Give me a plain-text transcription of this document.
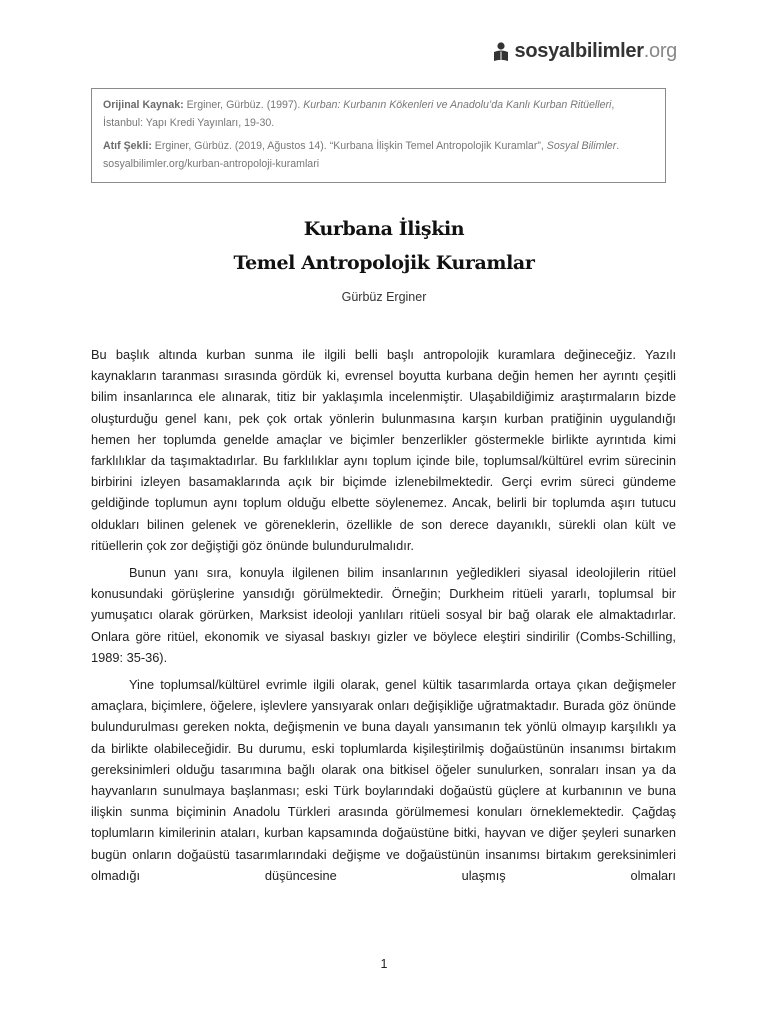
sosyalbilimler .org

Orijinal Kaynak: Erginer, Gürbüz. (1997). Kurban: Kurbanın Kökenleri ve Anadolu’da Kanlı Kurban Ritüelleri, İstanbul: Yapı Kredi Yayınları, 19-30.

Atıf Şekli: Erginer, Gürbüz. (2019, Ağustos 14). “Kurbana İlişkin Temel Antropolojik Kuramlar”, Sosyal Bilimler. sosyalbilimler.org/kurban-antropoloji-kuramlari

Kurbana İlişkin
Temel Antropolojik Kuramlar
Gürbüz Erginer

Bu başlık altında kurban sunma ile ilgili belli başlı antropolojik kuramlara değineceğiz. Yazılı kaynakların taranması sırasında gördük ki, evrensel boyutta kurbana değin hemen her ayrıntı çeşitli bilim insanlarınca ele alınarak, titiz bir yaklaşımla incelenmiştir. Ulaşabildiğimiz araştırmaların bizde oluşturduğu genel kanı, pek çok ortak yönlerin bulunmasına karşın kurban pratiğinin uygulandığı hemen her toplumda genelde amaçlar ve biçimler benzerlikler göstermekle birlikte ayrıntıda kimi farklılıklar da taşımaktadırlar. Bu farklılıklar aynı toplum içinde bile, toplumsal/kültürel evrim sürecinin birbirini izleyen basamaklarında açık bir biçimde izlenebilmektedir. Gerçi evrim süreci gündeme geldiğinde toplumun aynı toplum olduğu elbette söylenemez. Ancak, belirli bir toplumda aşırı tutucu oldukları bilinen gelenek ve göreneklerin, özellikle de son derece dayanıklı, sürekli olan kült ve ritüellerin çok zor değiştiği göz önünde bulundurulmalıdır.

Bunun yanı sıra, konuyla ilgilenen bilim insanlarının yeğledikleri siyasal ideolojilerin ritüel konusundaki görüşlerine yansıdığı görülmektedir. Örneğin; Durkheim ritüeli yararlı, toplumsal bir yumuşatıcı olarak görürken, Marksist ideoloji yanlıları ritüeli sosyal bir bağ olarak ele almaktadırlar. Onlara göre ritüel, ekonomik ve siyasal baskıyı gizler ve böylece eleştiri sindirilir (Combs-Schilling, 1989: 35-36).

Yine toplumsal/kültürel evrimle ilgili olarak, genel kültik tasarımlarda ortaya çıkan değişmeler amaçlara, biçimlere, öğelere, işlevlere yansıyarak onları değişikliğe uğratmaktadır. Burada göz önünde bulundurulması gereken nokta, değişmenin ve buna dayalı yansımanın tek yönlü olmayıp karşılıklı ya da birlikte olabileceğidir. Bu durumu, eski toplumlarda kişileştirilmiş doğaüstünün insanımsı birtakım gereksinimleri olduğu tasarımına bağlı olarak ona bitkisel öğeler sunulurken, sonraları insan ya da hayvanların sunulmaya başlanması; eski Türk boylarındaki doğaüstü güçlere at kurbanının ve buna ilişkin sunma biçiminin Anadolu Türkleri arasında görülmemesi konuları örneklemektedir. Çağdaş toplumların kimilerinin ataları, kurban kapsamında doğaüstüne bitki, hayvan ve diğer şeyleri sunarken bugün onların doğaüstü tasarımlarındaki değişme ve doğaüstünün insanımsı birtakım gereksinimleri olmadığı düşüncesine ulaşmış olmaları

1
